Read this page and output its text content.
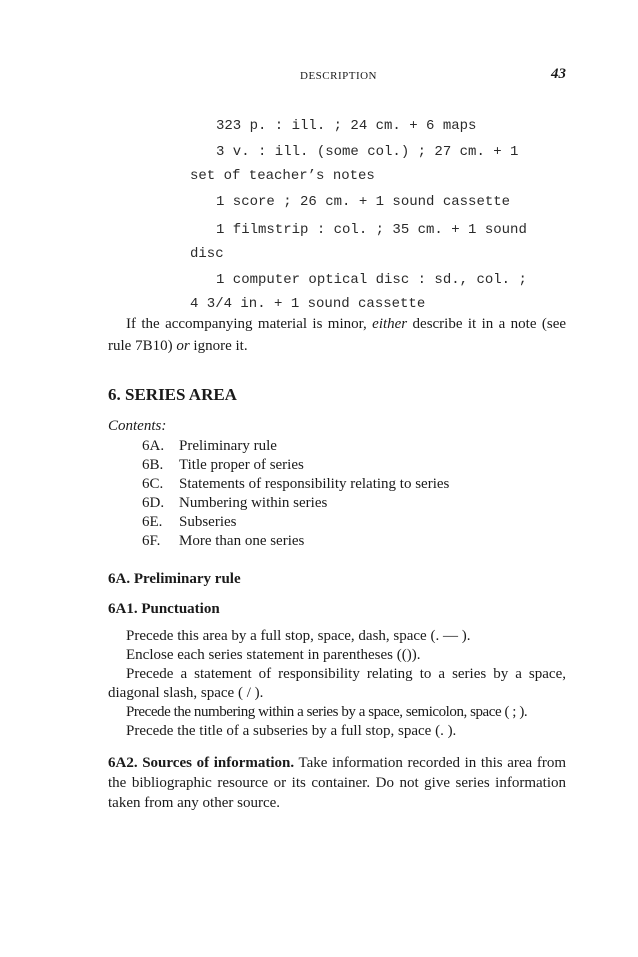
DESCRIPTION	43
323 p. : ill. ; 24 cm. + 6 maps
3 v. : ill. (some col.) ; 27 cm. + 1
set of teacher’s notes
1 score ; 26 cm. + 1 sound cassette
1 filmstrip : col. ; 35 cm. + 1 sound
disc
1 computer optical disc : sd., col. ;
4 3/4 in. + 1 sound cassette

If the accompanying material is minor, either describe it in a note (see rule 7B10) or ignore it.

6. SERIES AREA
Contents:
6A. Preliminary rule
6B.	Title proper of series
6C.	Statements of responsibility relating to series
6D. Numbering within series
6E.	Subseries
6F.	More than one series
6A. Preliminary rule
6A1. Punctuation

Precede this area by a full stop, space, dash, space (. — ).

Enclose each series statement in parentheses (()).

Precede a statement of responsibility relating to a series by a space, diagonal slash, space ( / ).

Precede the numbering within a series by a space, semicolon, space ( ; ).

Precede the title of a subseries by a full stop, space (. ).

6A2. Sources of information. Take information recorded in this area from the bibliographic resource or its container. Do not give series information taken from any other source.
